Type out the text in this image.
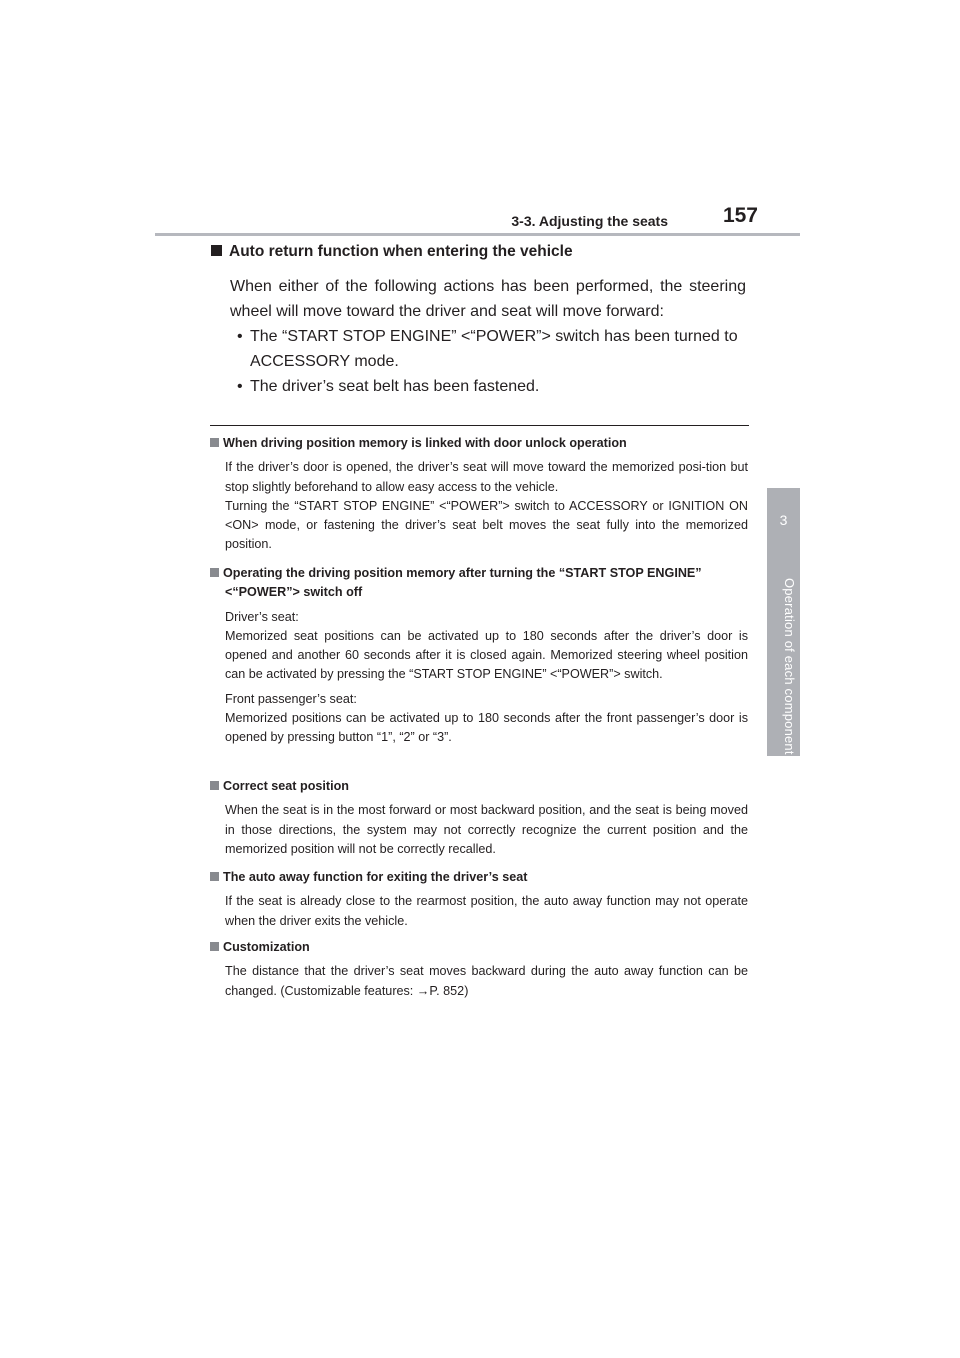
3-3. Adjusting the seats	157
3
Operation of each component
Auto return function when entering the vehicle
When either of the following actions has been performed, the steering wheel will move toward the driver and seat will move forward:
• The “START STOP ENGINE” <“POWER”> switch has been turned to ACCESSORY mode.
• The driver’s seat belt has been fastened.
When driving position memory is linked with door unlock operation

If the driver’s door is opened, the driver’s seat will move toward the memorized posi-tion but stop slightly beforehand to allow easy access to the vehicle.

Turning the “START STOP ENGINE” <“POWER”> switch to ACCESSORY or IGNITION ON <ON> mode, or fastening the driver’s seat belt moves the seat fully into the memorized position.

Operating the driving position memory after turning the “START STOP ENGINE”
<“POWER”> switch off

Driver’s seat:

Memorized seat positions can be activated up to 180 seconds after the driver’s door is opened and another 60 seconds after it is closed again. Memorized steering wheel position can be activated by pressing the “START STOP ENGINE” <“POWER”> switch.

Front passenger’s seat:

Memorized positions can be activated up to 180 seconds after the front passenger’s door is opened by pressing button “1”, “2” or “3”.

Correct seat position

When the seat is in the most forward or most backward position, and the seat is being moved in those directions, the system may not correctly recognize the current position and the memorized position will not be correctly recalled.

The auto away function for exiting the driver’s seat

If the seat is already close to the rearmost position, the auto away function may not operate when the driver exits the vehicle.

Customization

The distance that the driver’s seat moves backward during the auto away function can be changed. (Customizable features: →P. 852)
